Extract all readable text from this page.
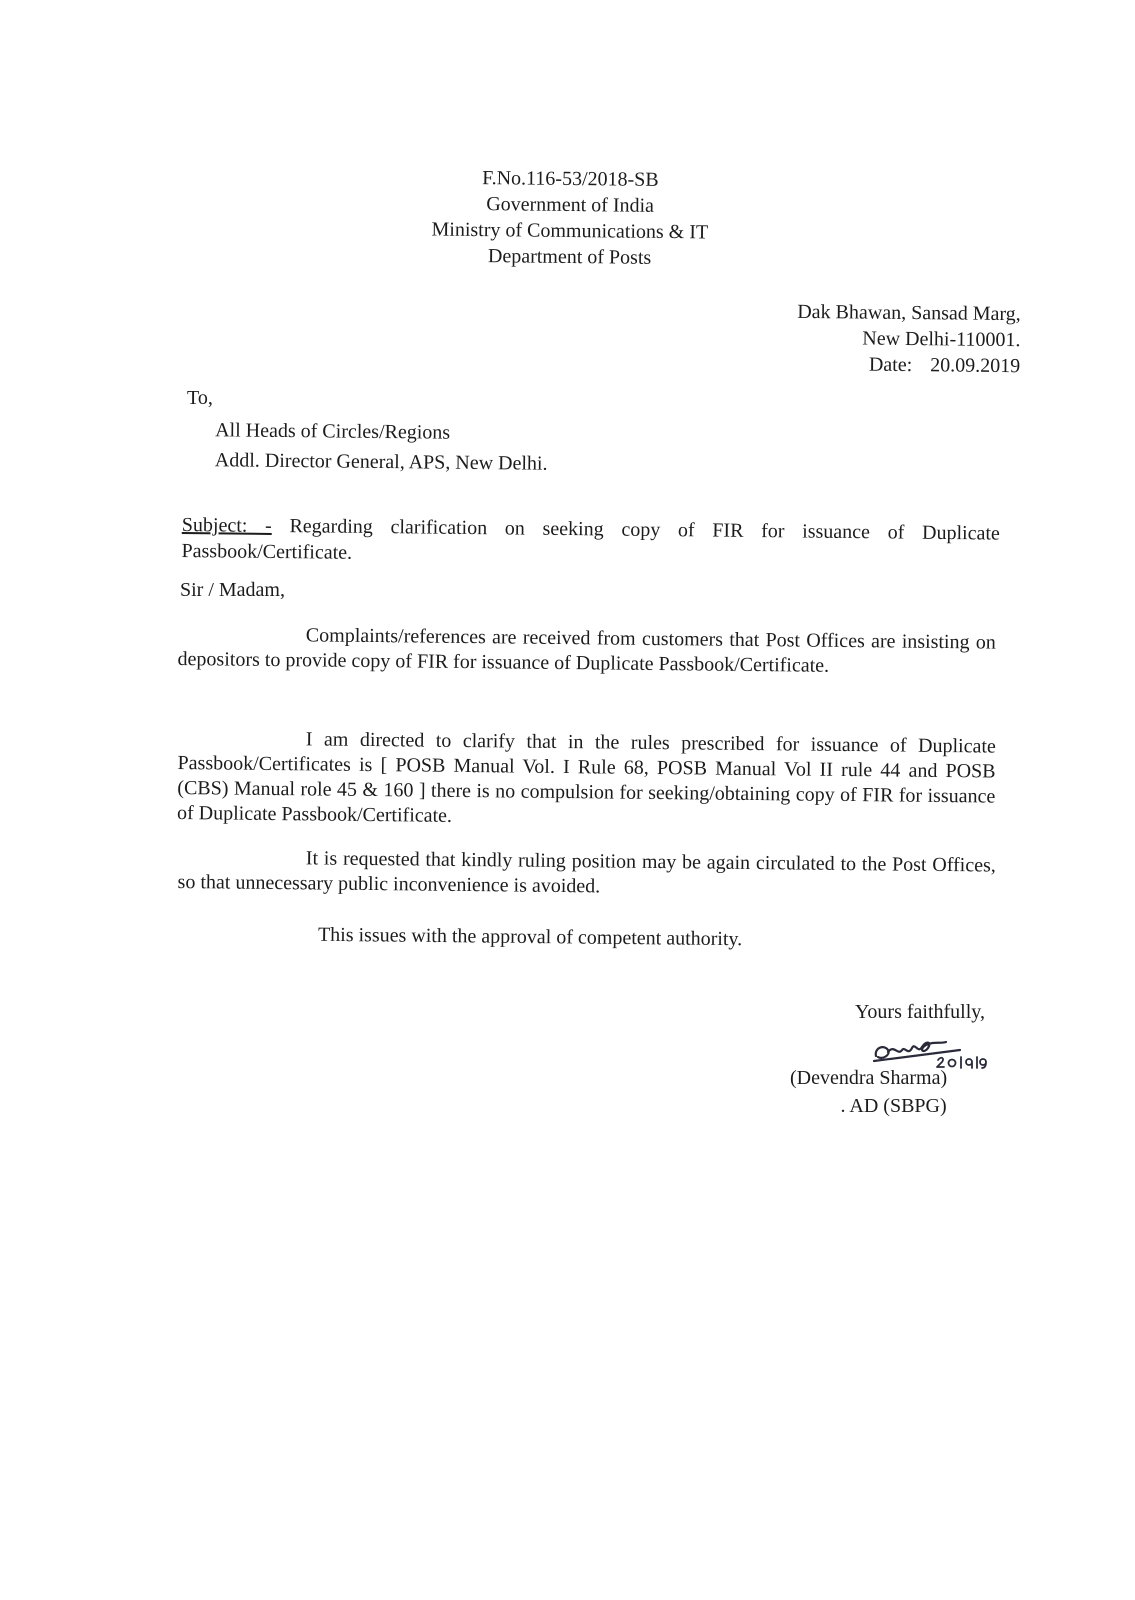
F.No.116-53/2018-SB
Government of India
Ministry of Communications & IT
Department of Posts
Dak Bhawan, Sansad Marg,
New Delhi-110001.
Date: 20.09.2019
To,
All Heads of Circles/Regions
Addl. Director General, APS, New Delhi.
Subject: - Regarding clarification on seeking copy of FIR for issuance of Duplicate Passbook/Certificate.
Sir / Madam,
Complaints/references are received from customers that Post Offices are insisting on depositors to provide copy of FIR for issuance of Duplicate Passbook/Certificate.
I am directed to clarify that in the rules prescribed for issuance of Duplicate Passbook/Certificates is [ POSB Manual Vol. I Rule 68, POSB Manual Vol II rule 44 and POSB (CBS) Manual role 45 & 160 ] there is no compulsion for seeking/obtaining copy of FIR for issuance of Duplicate Passbook/Certificate.
It is requested that kindly ruling position may be again circulated to the Post Offices, so that unnecessary public inconvenience is avoided.
This issues with the approval of competent authority.
Yours faithfully,
(Devendra Sharma)
. AD (SBPG)
